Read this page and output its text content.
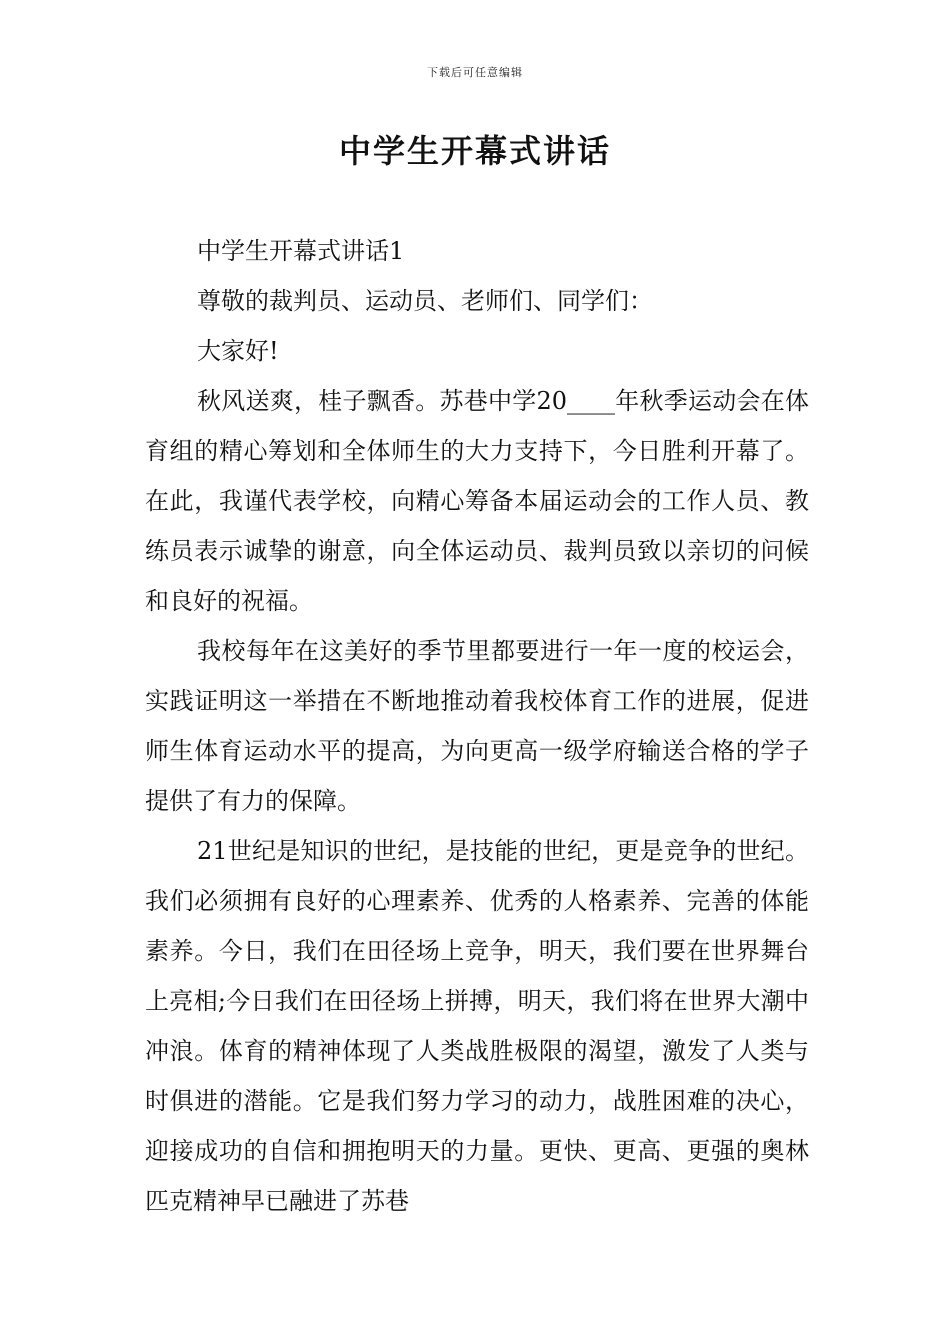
下载后可任意编辑
中学生开幕式讲话

中学生开幕式讲话1

尊敬的裁判员、运动员、老师们、同学们：

大家好!

秋风送爽，桂子飘香。苏巷中学20____年秋季运动会在体育组的精心筹划和全体师生的大力支持下，今日胜利开幕了。在此，我谨代表学校，向精心筹备本届运动会的工作人员、教练员表示诚挚的谢意，向全体运动员、裁判员致以亲切的问候和良好的祝福。

我校每年在这美好的季节里都要进行一年一度的校运会，实践证明这一举措在不断地推动着我校体育工作的进展，促进师生体育运动水平的提高，为向更高一级学府输送合格的学子提供了有力的保障。

21世纪是知识的世纪，是技能的世纪，更是竞争的世纪。我们必须拥有良好的心理素养、优秀的人格素养、完善的体能素养。今日，我们在田径场上竞争，明天，我们要在世界舞台上亮相;今日我们在田径场上拼搏，明天，我们将在世界大潮中冲浪。体育的精神体现了人类战胜极限的渴望，激发了人类与时俱进的潜能。它是我们努力学习的动力，战胜困难的决心，迎接成功的自信和拥抱明天的力量。更快、更高、更强的奥林匹克精神早已融进了苏巷
